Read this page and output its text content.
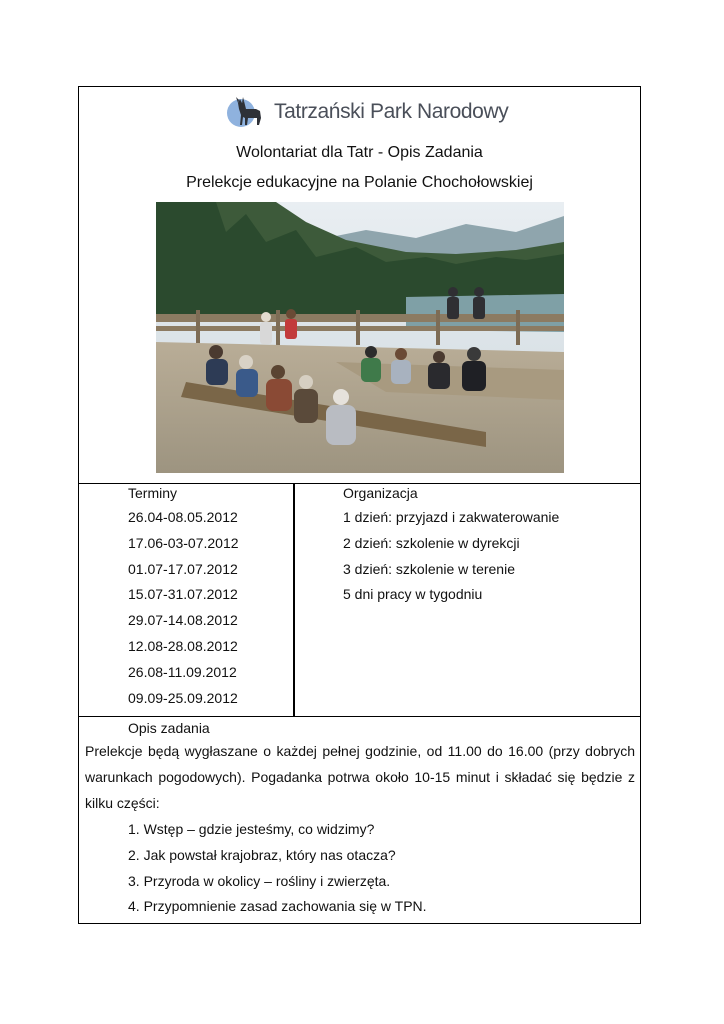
Tatrzański Park Narodowy
Wolontariat dla Tatr - Opis Zadania
Prelekcje edukacyjne na Polanie Chochołowskiej
Terminy
26.04-08.05.2012
17.06-03-07.2012
01.07-17.07.2012
15.07-31.07.2012
29.07-14.08.2012
12.08-28.08.2012
26.08-11.09.2012
09.09-25.09.2012
Organizacja
1 dzień: przyjazd i zakwaterowanie
2 dzień: szkolenie w dyrekcji
3 dzień: szkolenie w terenie
5 dni pracy w tygodniu
Opis zadania
Prelekcje będą wygłaszane o każdej pełnej godzinie, od 11.00 do 16.00 (przy dobrych warunkach pogodowych). Pogadanka potrwa około 10-15 minut i składać się będzie z kilku części:
1. Wstęp – gdzie jesteśmy, co widzimy?
2. Jak powstał krajobraz, który nas otacza?
3. Przyroda w okolicy – rośliny i zwierzęta.
4. Przypomnienie zasad zachowania się w TPN.
